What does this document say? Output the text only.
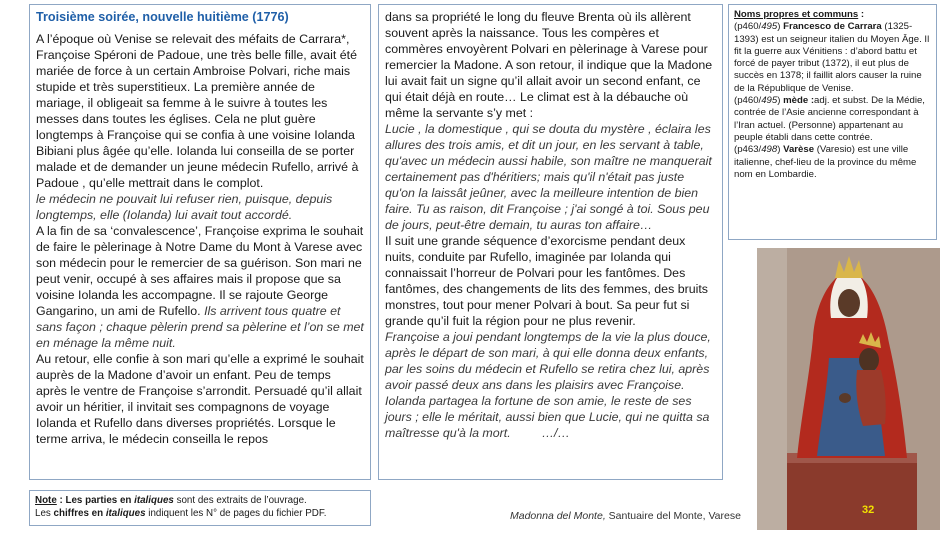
Troisième soirée, nouvelle huitième (1776)

A l’époque où Venise se relevait des méfaits de Carrara*, Françoise Spéroni de Padoue, une très belle fille, avait été mariée de force à un certain Ambroise Polvari, riche mais stupide et très superstitieux. La première année de mariage, il obligeait sa femme à le suivre à toutes les messes dans toutes les églises. Cela ne plut guère longtemps à Françoise qui se confia à une voisine Iolanda Bibiani plus âgée qu’elle. Iolanda lui conseilla de se porter malade et de demander un jeune médecin Rufello, arrivé à Padoue , qu’elle mettrait dans le complot.

le médecin ne pouvait lui refuser rien, puisque, depuis longtemps, elle (Iolanda) lui avait tout accordé.

A la fin de sa ‘convalescence’, Françoise exprima le souhait de faire le pèlerinage à Notre Dame du Mont à Varese avec son médecin pour le remercier de sa guérison. Son mari ne peut venir, occupé à ses affaires mais il propose que sa voisine Iolanda les accompagne. Il se rajoute George Gangarino, un ami de Rufello. Ils arrivent tous quatre et sans façon ; chaque pèlerin prend sa pèlerine et l’on se met en ménage la même nuit.

Au retour, elle confie à son mari qu’elle a exprimé le souhait auprès de la Madone d’avoir un enfant. Peu de temps après le ventre de Françoise s’arrondit. Persuadé qu’il allait avoir un héritier, il invitait ses compagnons de voyage Iolanda et Rufello dans diverses propriétés. Lorsque le terme arriva, le médecin conseilla le repos

dans sa propriété le long du fleuve Brenta où ils allèrent souvent après la naissance. Tous les compères et commères envoyèrent Polvari en pèlerinage à Varese pour remercier la Madone. A son retour, il indique que la Madone lui avait fait un signe qu’il allait avoir un second enfant, ce qui était déjà en route… Le climat est à la débauche où même la servante s’y met :

Lucie , la domestique , qui se douta du mystère , éclaira les allures des trois amis, et dit un jour, en les servant à table, qu'avec un médecin aussi habile, son maître ne manquerait certainement pas d'héritiers; mais qu'il n'était pas juste qu'on la laissât jeûner, avec la meilleure intention de bien faire. Tu as raison, dit Françoise ; j'ai songé à toi. Sous peu de jours, peut-être demain, tu auras ton affaire…

Il suit une grande séquence d’exorcisme pendant deux nuits, conduite par Rufello, imaginée par Iolanda qui connaissait l’horreur de Polvari pour les fantômes. Des fantômes, des changements de lits des femmes, des bruits monstres, tout pour mener Polvari à bout. Sa peur fut si grande qu’il fuit la région pour ne plus revenir.

Françoise a joui pendant longtemps de la vie la plus douce, après le départ de son mari, à qui elle donna deux enfants, par les soins du médecin et Rufello se retira chez lui, après avoir passé deux ans dans les plaisirs avec Françoise. Iolanda partagea la fortune de son amie, le reste de ses jours ; elle le méritait, aussi bien que Lucie, qui ne quitta sa maîtresse qu'à la mort. …/…

Noms propres et communs :

(p460/495) Francesco de Carrara (1325-1393) est un seigneur italien du Moyen Âge. Il fit la guerre aux Vénitiens : d’abord battu et forcé de payer tribut (1372), il eut plus de succès en 1378; il faillit alors causer la ruine de la République de Venise.

(p460/495) mède :adj. et subst. De la Médie, contrée de l’Asie ancienne correspondant à l’Iran actuel. (Personne) appartenant au peuple établi dans cette contrée.

(p463/498) Varèse (Varesio) est une ville italienne, chef-lieu de la province du même nom en Lombardie.

Note : Les parties en italiques sont des extraits de l’ouvrage.
Les chiffres en italiques indiquent les N° de pages du fichier PDF.	32
Madonna del Monte, Santuaire del Monte, Varese
